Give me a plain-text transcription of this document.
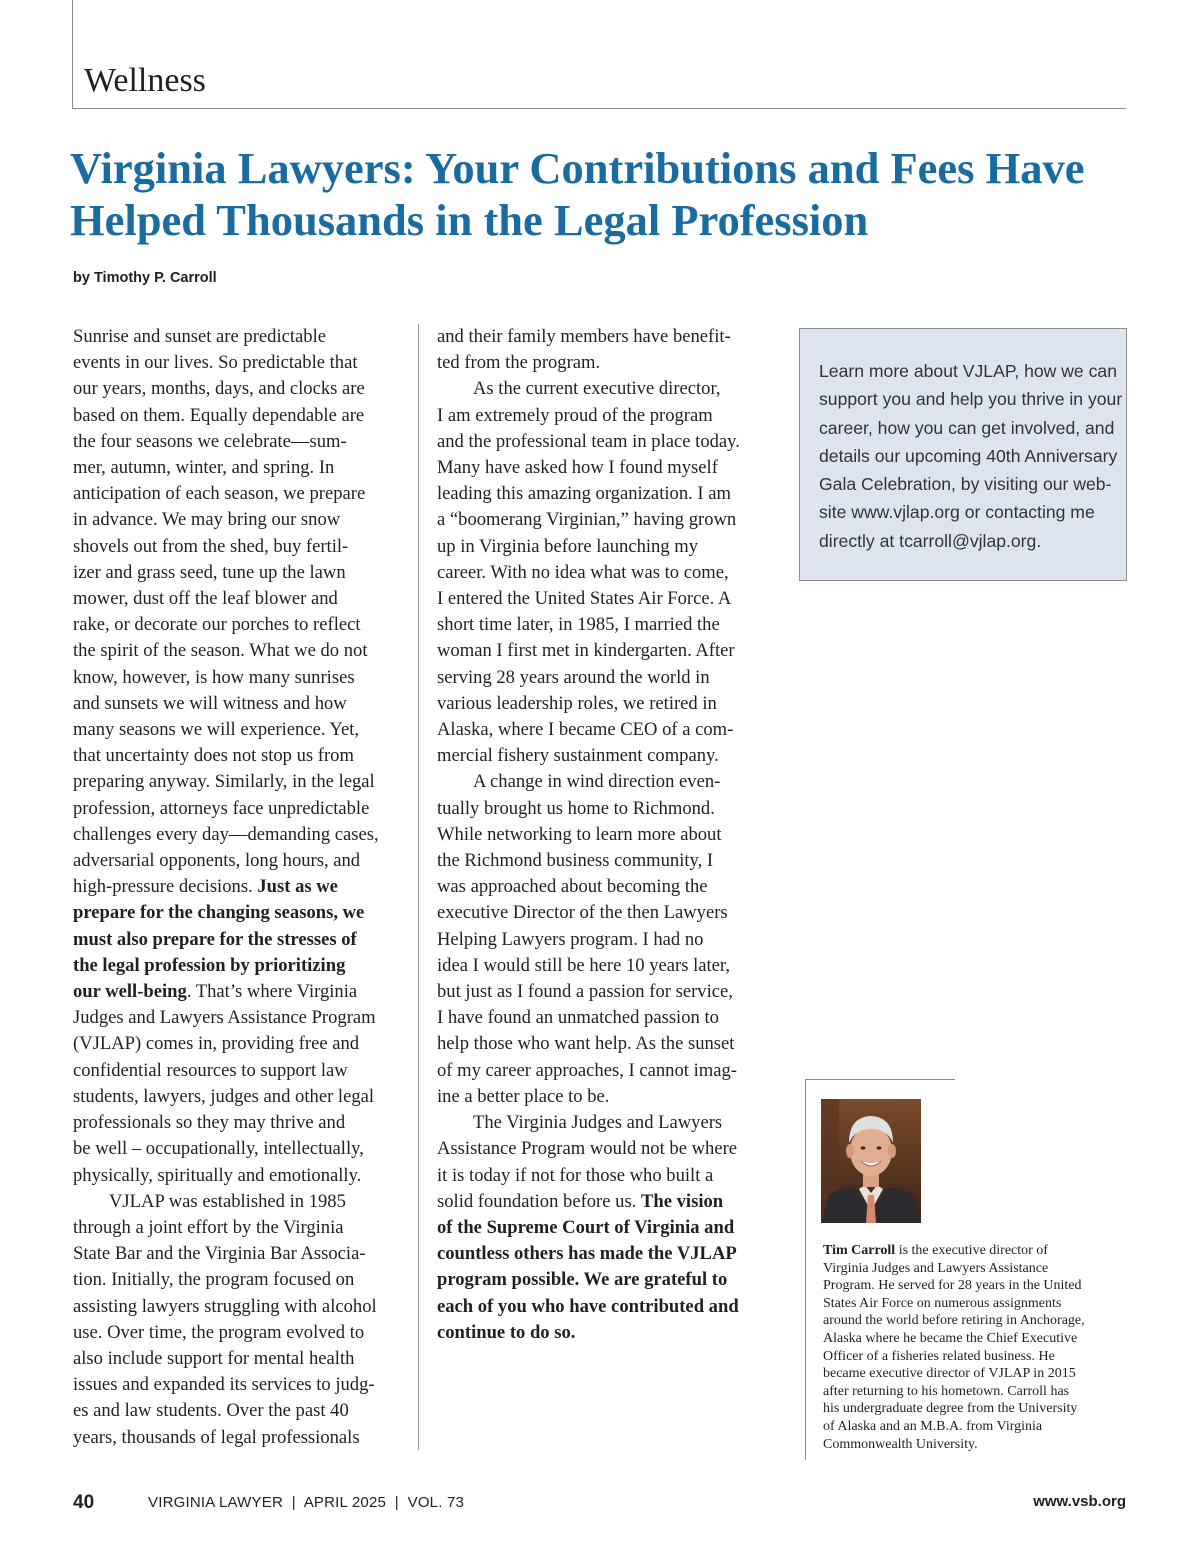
Wellness
Virginia Lawyers: Your Contributions and Fees Have
Helped Thousands in the Legal Profession

by Timothy P. Carroll

Sunrise and sunset are predictable
events in our lives. So predictable that
our years, months, days, and clocks are
based on them. Equally dependable are
the four seasons we celebrate—sum-
mer, autumn, winter, and spring. In
anticipation of each season, we prepare
in advance. We may bring our snow
shovels out from the shed, buy fertil-
izer and grass seed, tune up the lawn
mower, dust off the leaf blower and
rake, or decorate our porches to reflect
the spirit of the season. What we do not
know, however, is how many sunrises
and sunsets we will witness and how
many seasons we will experience. Yet,
that uncertainty does not stop us from
preparing anyway. Similarly, in the legal
profession, attorneys face unpredictable
challenges every day—demanding cases,
adversarial opponents, long hours, and
high-pressure decisions. Just as we
prepare for the changing seasons, we
must also prepare for the stresses of
the legal profession by prioritizing
our well-being. That’s where Virginia
Judges and Lawyers Assistance Program
(VJLAP) comes in, providing free and
confidential resources to support law
students, lawyers, judges and other legal
professionals so they may thrive and
be well – occupationally, intellectually,
physically, spiritually and emotionally.
VJLAP was established in 1985
through a joint effort by the Virginia
State Bar and the Virginia Bar Associa-
tion. Initially, the program focused on
assisting lawyers struggling with alcohol
use. Over time, the program evolved to
also include support for mental health
issues and expanded its services to judg-
es and law students. Over the past 40
years, thousands of legal professionals
and their family members have benefit-
ted from the program.
As the current executive director,
I am extremely proud of the program
and the professional team in place today.
Many have asked how I found myself
leading this amazing organization. I am
a “boomerang Virginian,” having grown
up in Virginia before launching my
career. With no idea what was to come,
I entered the United States Air Force. A
short time later, in 1985, I married the
woman I first met in kindergarten. After
serving 28 years around the world in
various leadership roles, we retired in
Alaska, where I became CEO of a com-
mercial fishery sustainment company.
A change in wind direction even-
tually brought us home to Richmond.
While networking to learn more about
the Richmond business community, I
was approached about becoming the
executive Director of the then Lawyers
Helping Lawyers program. I had no
idea I would still be here 10 years later,
but just as I found a passion for service,
I have found an unmatched passion to
help those who want help. As the sunset
of my career approaches, I cannot imag-
ine a better place to be.
The Virginia Judges and Lawyers
Assistance Program would not be where
it is today if not for those who built a
solid foundation before us. The vision
of the Supreme Court of Virginia and
countless others has made the VJLAP
program possible. We are grateful to
each of you who have contributed and
continue to do so.
Learn more about VJLAP, how we can
support you and help you thrive in your
career, how you can get involved, and
details our upcoming 40th Anniversary
Gala Celebration, by visiting our web-
site www.vjlap.org or contacting me
directly at tcarroll@vjlap.org.
Tim Carroll is the executive director of
Virginia Judges and Lawyers Assistance
Program. He served for 28 years in the United
States Air Force on numerous assignments
around the world before retiring in Anchorage,
Alaska where he became the Chief Executive
Officer of a fisheries related business. He
became executive director of VJLAP in 2015
after returning to his hometown. Carroll has
his undergraduate degree from the University
of Alaska and an M.B.A. from Virginia
Commonwealth University.

40	VIRGINIA LAWYER  |  APRIL 2025  |  VOL. 73	www.vsb.org
